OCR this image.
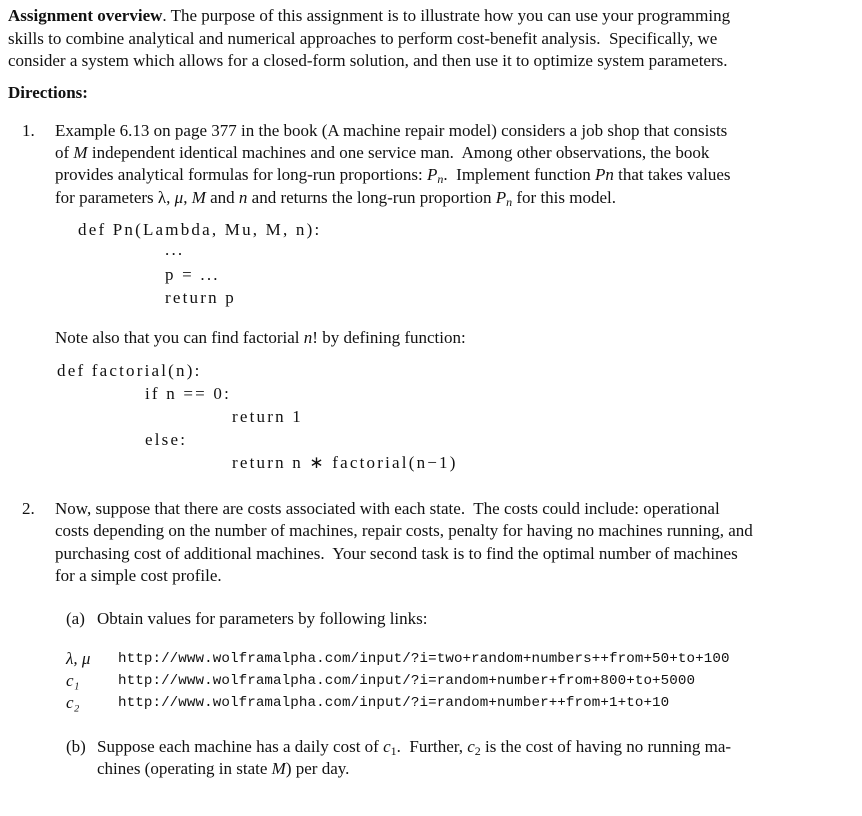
Assignment overview. The purpose of this assignment is to illustrate how you can use your programming
skills to combine analytical and numerical approaches to perform cost-benefit analysis.  Specifically, we
consider a system which allows for a closed-form solution, and then use it to optimize system parameters.
Directions:
1. Example 6.13 on page 377 in the book (A machine repair model) considers a job shop that consists
of M independent identical machines and one service man.  Among other observations, the book
provides analytical formulas for long-run proportions: $P_n$.  Implement function Pn that takes values
for parameters λ, μ, M and n and returns the long-run proportion $P_n$ for this model.
def Pn(Lambda, Mu, M, n):
...
p = ...
return p
Note also that you can find factorial n! by defining function:
def factorial(n):
if n == 0:
return 1
else:
return n ∗ factorial(n−1)
2. Now, suppose that there are costs associated with each state.  The costs could include: operational
costs depending on the number of machines, repair costs, penalty for having no machines running, and
purchasing cost of additional machines.  Your second task is to find the optimal number of machines
for a simple cost profile.
(a) Obtain values for parameters by following links:
λ, μ http://www.wolframalpha.com/input/?i=two+random+numbers++from+50+to+100
c₁	http://www.wolframalpha.com/input/?i=random+number+from+800+to+5000
c₂	http://www.wolframalpha.com/input/?i=random+number++from+1+to+10
(b) Suppose each machine has a daily cost of $c_1$.  Further, $c_2$ is the cost of having no running ma-
chines (operating in state M) per day.
